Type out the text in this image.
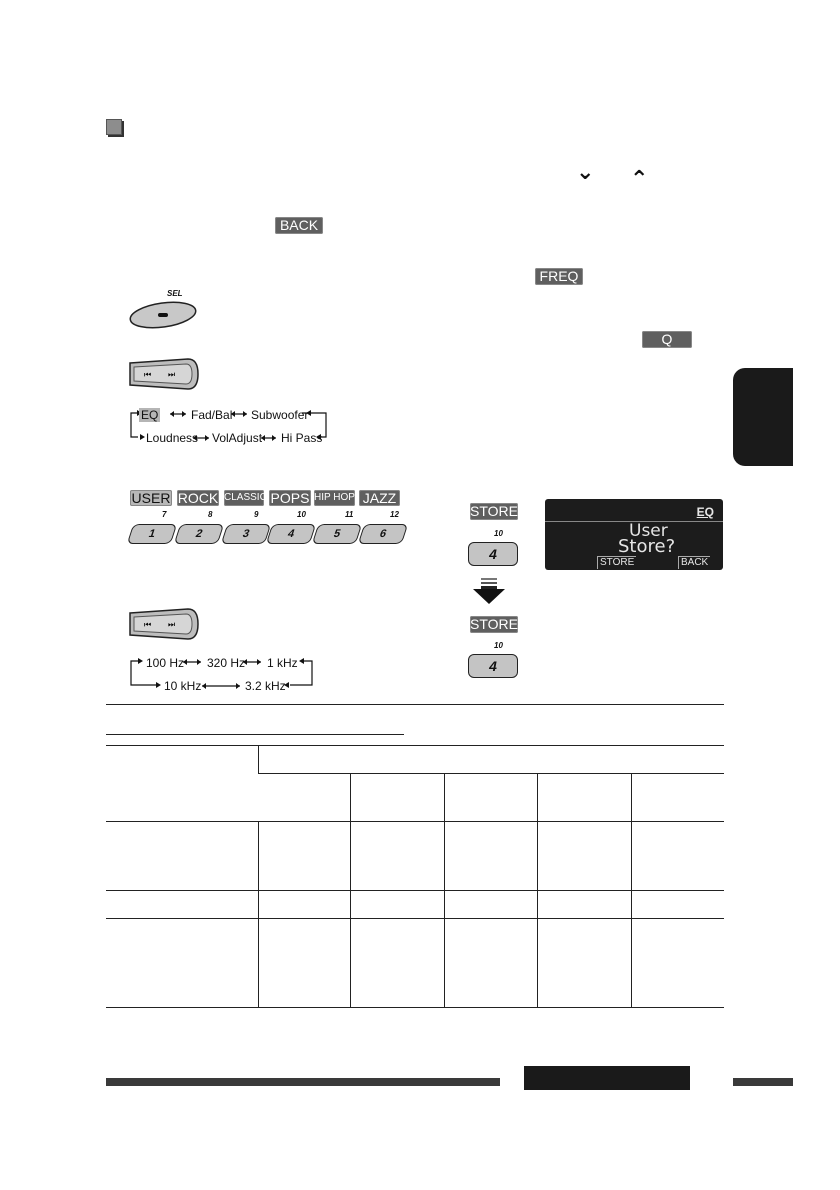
⌄ ⌃
BACK
FREQ
Q
SEL
⏮ ⏭
EQ	Fad/Bal Subwoofer
Loudness VolAdjust Hi Pass
USER ROCK CLASSIC POPS HIP HOP JAZZ
7	8	9	10	11	12
1	2	3	4	5	6
STORE
10
4
EQ
User
Store?
STORE	BACK
STORE
10
4
⏮ ⏭
100 Hz 320 Hz 1 kHz
10 kHz	3.2 kHz
